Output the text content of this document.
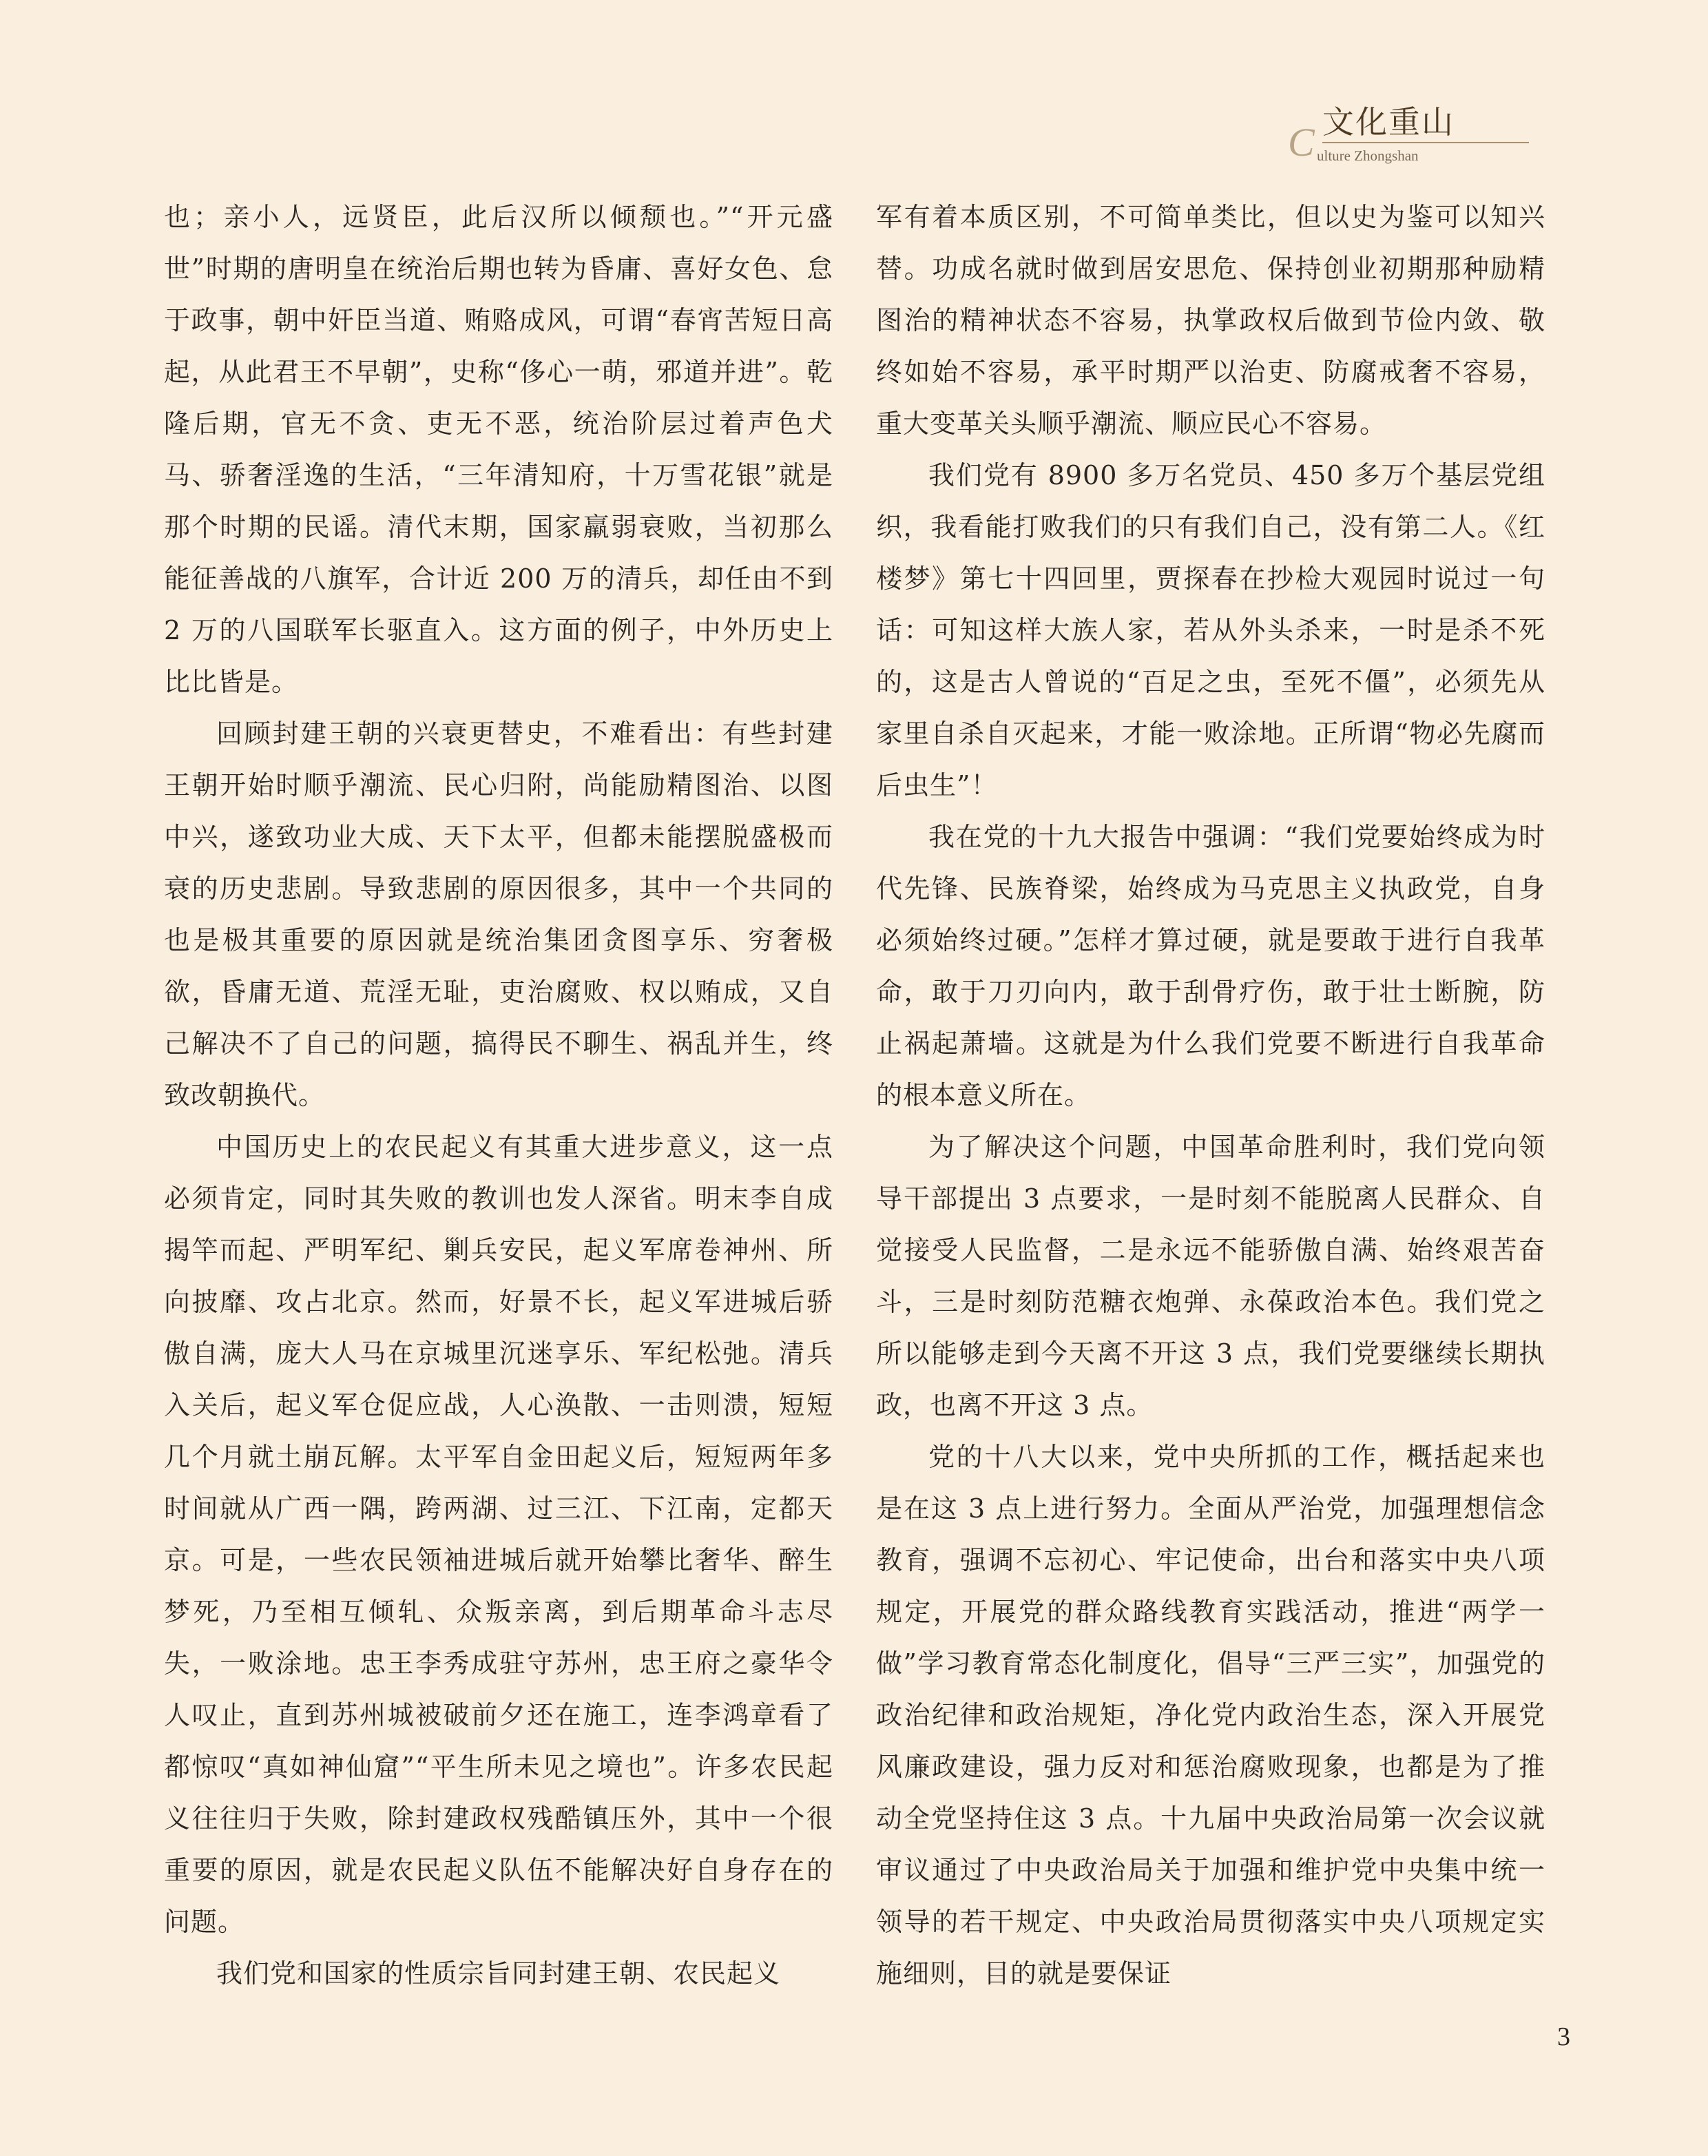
文化重山
C ulture Zhongshan

也；亲小人，远贤臣，此后汉所以倾颓也。”“开元盛世”时期的唐明皇在统治后期也转为昏庸、喜好女色、怠于政事，朝中奸臣当道、贿赂成风，可谓“春宵苦短日高起，从此君王不早朝”，史称“侈心一萌，邪道并进”。乾隆后期，官无不贪、吏无不恶，统治阶层过着声色犬马、骄奢淫逸的生活，“三年清知府，十万雪花银”就是那个时期的民谣。清代末期，国家羸弱衰败，当初那么能征善战的八旗军，合计近 200 万的清兵，却任由不到 2 万的八国联军长驱直入。这方面的例子，中外历史上比比皆是。

回顾封建王朝的兴衰更替史，不难看出：有些封建王朝开始时顺乎潮流、民心归附，尚能励精图治、以图中兴，遂致功业大成、天下太平，但都未能摆脱盛极而衰的历史悲剧。导致悲剧的原因很多，其中一个共同的也是极其重要的原因就是统治集团贪图享乐、穷奢极欲，昏庸无道、荒淫无耻，吏治腐败、权以贿成，又自己解决不了自己的问题，搞得民不聊生、祸乱并生，终致改朝换代。

中国历史上的农民起义有其重大进步意义，这一点必须肯定，同时其失败的教训也发人深省。明末李自成揭竿而起、严明军纪、剿兵安民，起义军席卷神州、所向披靡、攻占北京。然而，好景不长，起义军进城后骄傲自满，庞大人马在京城里沉迷享乐、军纪松弛。清兵入关后，起义军仓促应战，人心涣散、一击则溃，短短几个月就土崩瓦解。太平军自金田起义后，短短两年多时间就从广西一隅，跨两湖、过三江、下江南，定都天京。可是，一些农民领袖进城后就开始攀比奢华、醉生梦死，乃至相互倾轧、众叛亲离，到后期革命斗志尽失，一败涂地。忠王李秀成驻守苏州，忠王府之豪华令人叹止，直到苏州城被破前夕还在施工，连李鸿章看了都惊叹“真如神仙窟”“平生所未见之境也”。许多农民起义往往归于失败，除封建政权残酷镇压外，其中一个很重要的原因，就是农民起义队伍不能解决好自身存在的问题。

我们党和国家的性质宗旨同封建王朝、农民起义

军有着本质区别，不可简单类比，但以史为鉴可以知兴替。功成名就时做到居安思危、保持创业初期那种励精图治的精神状态不容易，执掌政权后做到节俭内敛、敬终如始不容易，承平时期严以治吏、防腐戒奢不容易，重大变革关头顺乎潮流、顺应民心不容易。

我们党有 8900 多万名党员、450 多万个基层党组织，我看能打败我们的只有我们自己，没有第二人。《红楼梦》第七十四回里，贾探春在抄检大观园时说过一句话：可知这样大族人家，若从外头杀来，一时是杀不死的，这是古人曾说的“百足之虫，至死不僵”，必须先从家里自杀自灭起来，才能一败涂地。正所谓“物必先腐而后虫生”！

我在党的十九大报告中强调：“我们党要始终成为时代先锋、民族脊梁，始终成为马克思主义执政党，自身必须始终过硬。”怎样才算过硬，就是要敢于进行自我革命，敢于刀刃向内，敢于刮骨疗伤，敢于壮士断腕，防止祸起萧墙。这就是为什么我们党要不断进行自我革命的根本意义所在。

为了解决这个问题，中国革命胜利时，我们党向领导干部提出 3 点要求，一是时刻不能脱离人民群众、自觉接受人民监督，二是永远不能骄傲自满、始终艰苦奋斗，三是时刻防范糖衣炮弹、永葆政治本色。我们党之所以能够走到今天离不开这 3 点，我们党要继续长期执政，也离不开这 3 点。

党的十八大以来，党中央所抓的工作，概括起来也是在这 3 点上进行努力。全面从严治党，加强理想信念教育，强调不忘初心、牢记使命，出台和落实中央八项规定，开展党的群众路线教育实践活动，推进“两学一做”学习教育常态化制度化，倡导“三严三实”，加强党的政治纪律和政治规矩，净化党内政治生态，深入开展党风廉政建设，强力反对和惩治腐败现象，也都是为了推动全党坚持住这 3 点。十九届中央政治局第一次会议就审议通过了中央政治局关于加强和维护党中央集中统一领导的若干规定、中央政治局贯彻落实中央八项规定实施细则，目的就是要保证

3
